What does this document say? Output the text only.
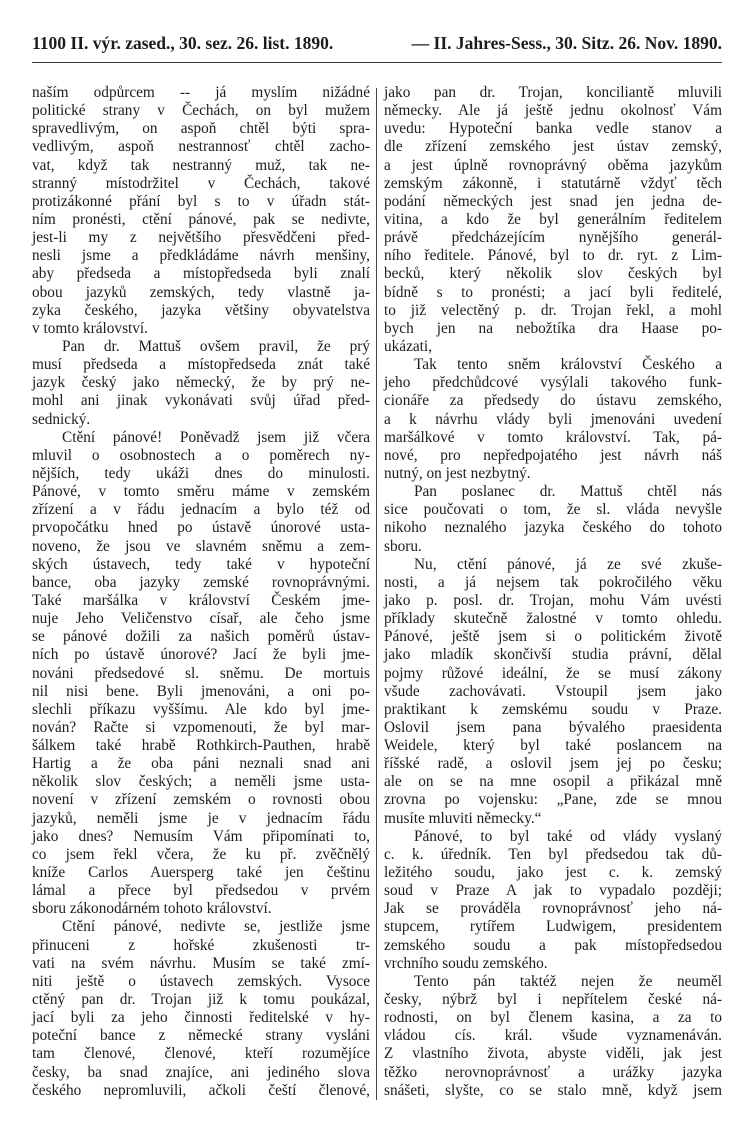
1100 II. výr. zased., 30. sez. 26. list. 1890.	— II. Jahres-Sess., 30. Sitz. 26. Nov. 1890.
naším odpůrcem -- já myslím nižádné
politické strany v Čechách, on byl mužem
spravedlivým, on aspoň chtěl býti spra-
vedlivým, aspoň nestrannosť chtěl zacho-
vat, když tak nestranný muž, tak ne-
stranný místodržitel v Čechách, takové
protizákonné přání byl s to v úřadn stát-
ním pronésti, ctění pánové, pak se nedivte,
jest-li my z největšího přesvědčeni před-
nesli jsme a předkládáme návrh menšiny,
aby předseda a místopředseda byli znalí
obou jazyků zemských, tedy vlastně ja-
zyka českého, jazyka většiny obyvatelstva
v tomto království.
Pan dr. Mattuš ovšem pravil, že prý
musí předseda a místopředseda znát také
jazyk český jako německý, že by prý ne-
mohl ani jinak vykonávati svůj úřad před-
sednický.
Ctění pánové! Poněvadž jsem již včera
mluvil o osobnostech a o poměrech ny-
nějších, tedy ukáži dnes do minulosti.
Pánové, v tomto směru máme v zemském
zřízení a v řádu jednacím a bylo též od
prvopočátku hned po ústavě únorové usta-
noveno, že jsou ve slavném sněmu a zem-
ských ústavech, tedy také v hypoteční
bance, oba jazyky zemské rovnoprávnými.
Také maršálka v království Českém jme-
nuje Jeho Veličenstvo císař, ale čeho jsme
se pánové dožili za našich poměrů ústav-
ních po ústavě únorové? Jací že byli jme-
nováni předsedové sl. sněmu. De mortuis
nil nisi bene. Byli jmenováni, a oni po-
slechli příkazu vyššímu. Ale kdo byl jme-
nován? Račte si vzpomenouti, že byl mar-
šálkem také hrabě Rothkirch-Pauthen, hrabě
Hartig a že oba páni neznali snad ani
několik slov českých; a neměli jsme usta-
novení v zřízení zemském o rovnosti obou
jazyků, neměli jsme je v jednacím řádu
jako dnes? Nemusím Vám připomínati to,
co jsem řekl včera, že ku př. zvěčnělý
kníže Carlos Auersperg také jen češtinu
lámal a přece byl předsedou v prvém
sboru zákonodárném tohoto království.
Ctění pánové, nedivte se, jestliže jsme
přinuceni z hořské zkušenosti tr-
vati na svém návrhu. Musím se také zmí-
niti ještě o ústavech zemských. Vysoce
ctěný pan dr. Trojan již k tomu poukázal,
jací byli za jeho činnosti ředitelské v hy-
poteční bance z německé strany vysláni
tam členové, členové, kteří rozumějíce
česky, ba snad znajíce, ani jediného slova
českého nepromluvili, ačkoli čeští členové,
jako pan dr. Trojan, konciliantě mluvili
německy. Ale já ještě jednu okolnosť Vám
uvedu: Hypoteční banka vedle stanov a
dle zřízení zemského jest ústav zemský,
a jest úplně rovnoprávný oběma jazykům
zemským zákonně, i statutárně vždyť těch
podání německých jest snad jen jedna de-
vitina, a kdo že byl generálním ředitelem
právě předcházejícím nynějšího generál-
ního ředitele. Pánové, byl to dr. ryt. z Lim-
becků, který několik slov českých byl
bídně s to pronésti; a jací byli ředitelé,
to již velectěný p. dr. Trojan řekl, a mohl
bych jen na nebožtíka dra Haase po-
ukázati,
Tak tento sněm království Českého a
jeho předchůdcové vysýlali takového funk-
cionáře za předsedy do ústavu zemského,
a k návrhu vlády byli jmenováni uvedení
maršálkové v tomto království. Tak, pá-
nové, pro nepředpojatého jest návrh náš
nutný, on jest nezbytný.
Pan poslanec dr. Mattuš chtěl nás
sice poučovati o tom, že sl. vláda nevyšle
nikoho neznalého jazyka českého do tohoto
sboru.
Nu, ctění pánové, já ze své zkuše-
nosti, a já nejsem tak pokročilého věku
jako p. posl. dr. Trojan, mohu Vám uvésti
příklady skutečně žalostné v tomto ohledu.
Pánové, ještě jsem si o politickém životě
jako mladík skončivší studia právní, dělal
pojmy růžové ideální, že se musí zákony
všude zachovávati. Vstoupil jsem jako
praktikant k zemskému soudu v Praze.
Oslovil jsem pana bývalého praesidenta
Weidele, který byl také poslancem na
říšské radě, a oslovil jsem jej po česku;
ale on se na mne osopil a přikázal mně
zrovna po vojensku: „Pane, zde se mnou
musíte mluviti německy.“
Pánové, to byl také od vlády vyslaný
c. k. úředník. Ten byl předsedou tak dů-
ležitého soudu, jako jest c. k. zemský
soud v Praze A jak to vypadalo později;
Jak se prováděla rovnoprávnosť jeho ná-
stupcem, rytířem Ludwigem, presidentem
zemského soudu a pak místopředsedou
vrchního soudu zemského.
Tento pán taktéž nejen že neuměl
česky, nýbrž byl i nepřítelem české ná-
rodnosti, on byl členem kasina, a za to
vládou cís. král. všude vyznamenáván.
Z vlastního života, abyste viděli, jak jest
těžko nerovnoprávnosť a urážky jazyka
snášeti, slyšte, co se stalo mně, když jsem
